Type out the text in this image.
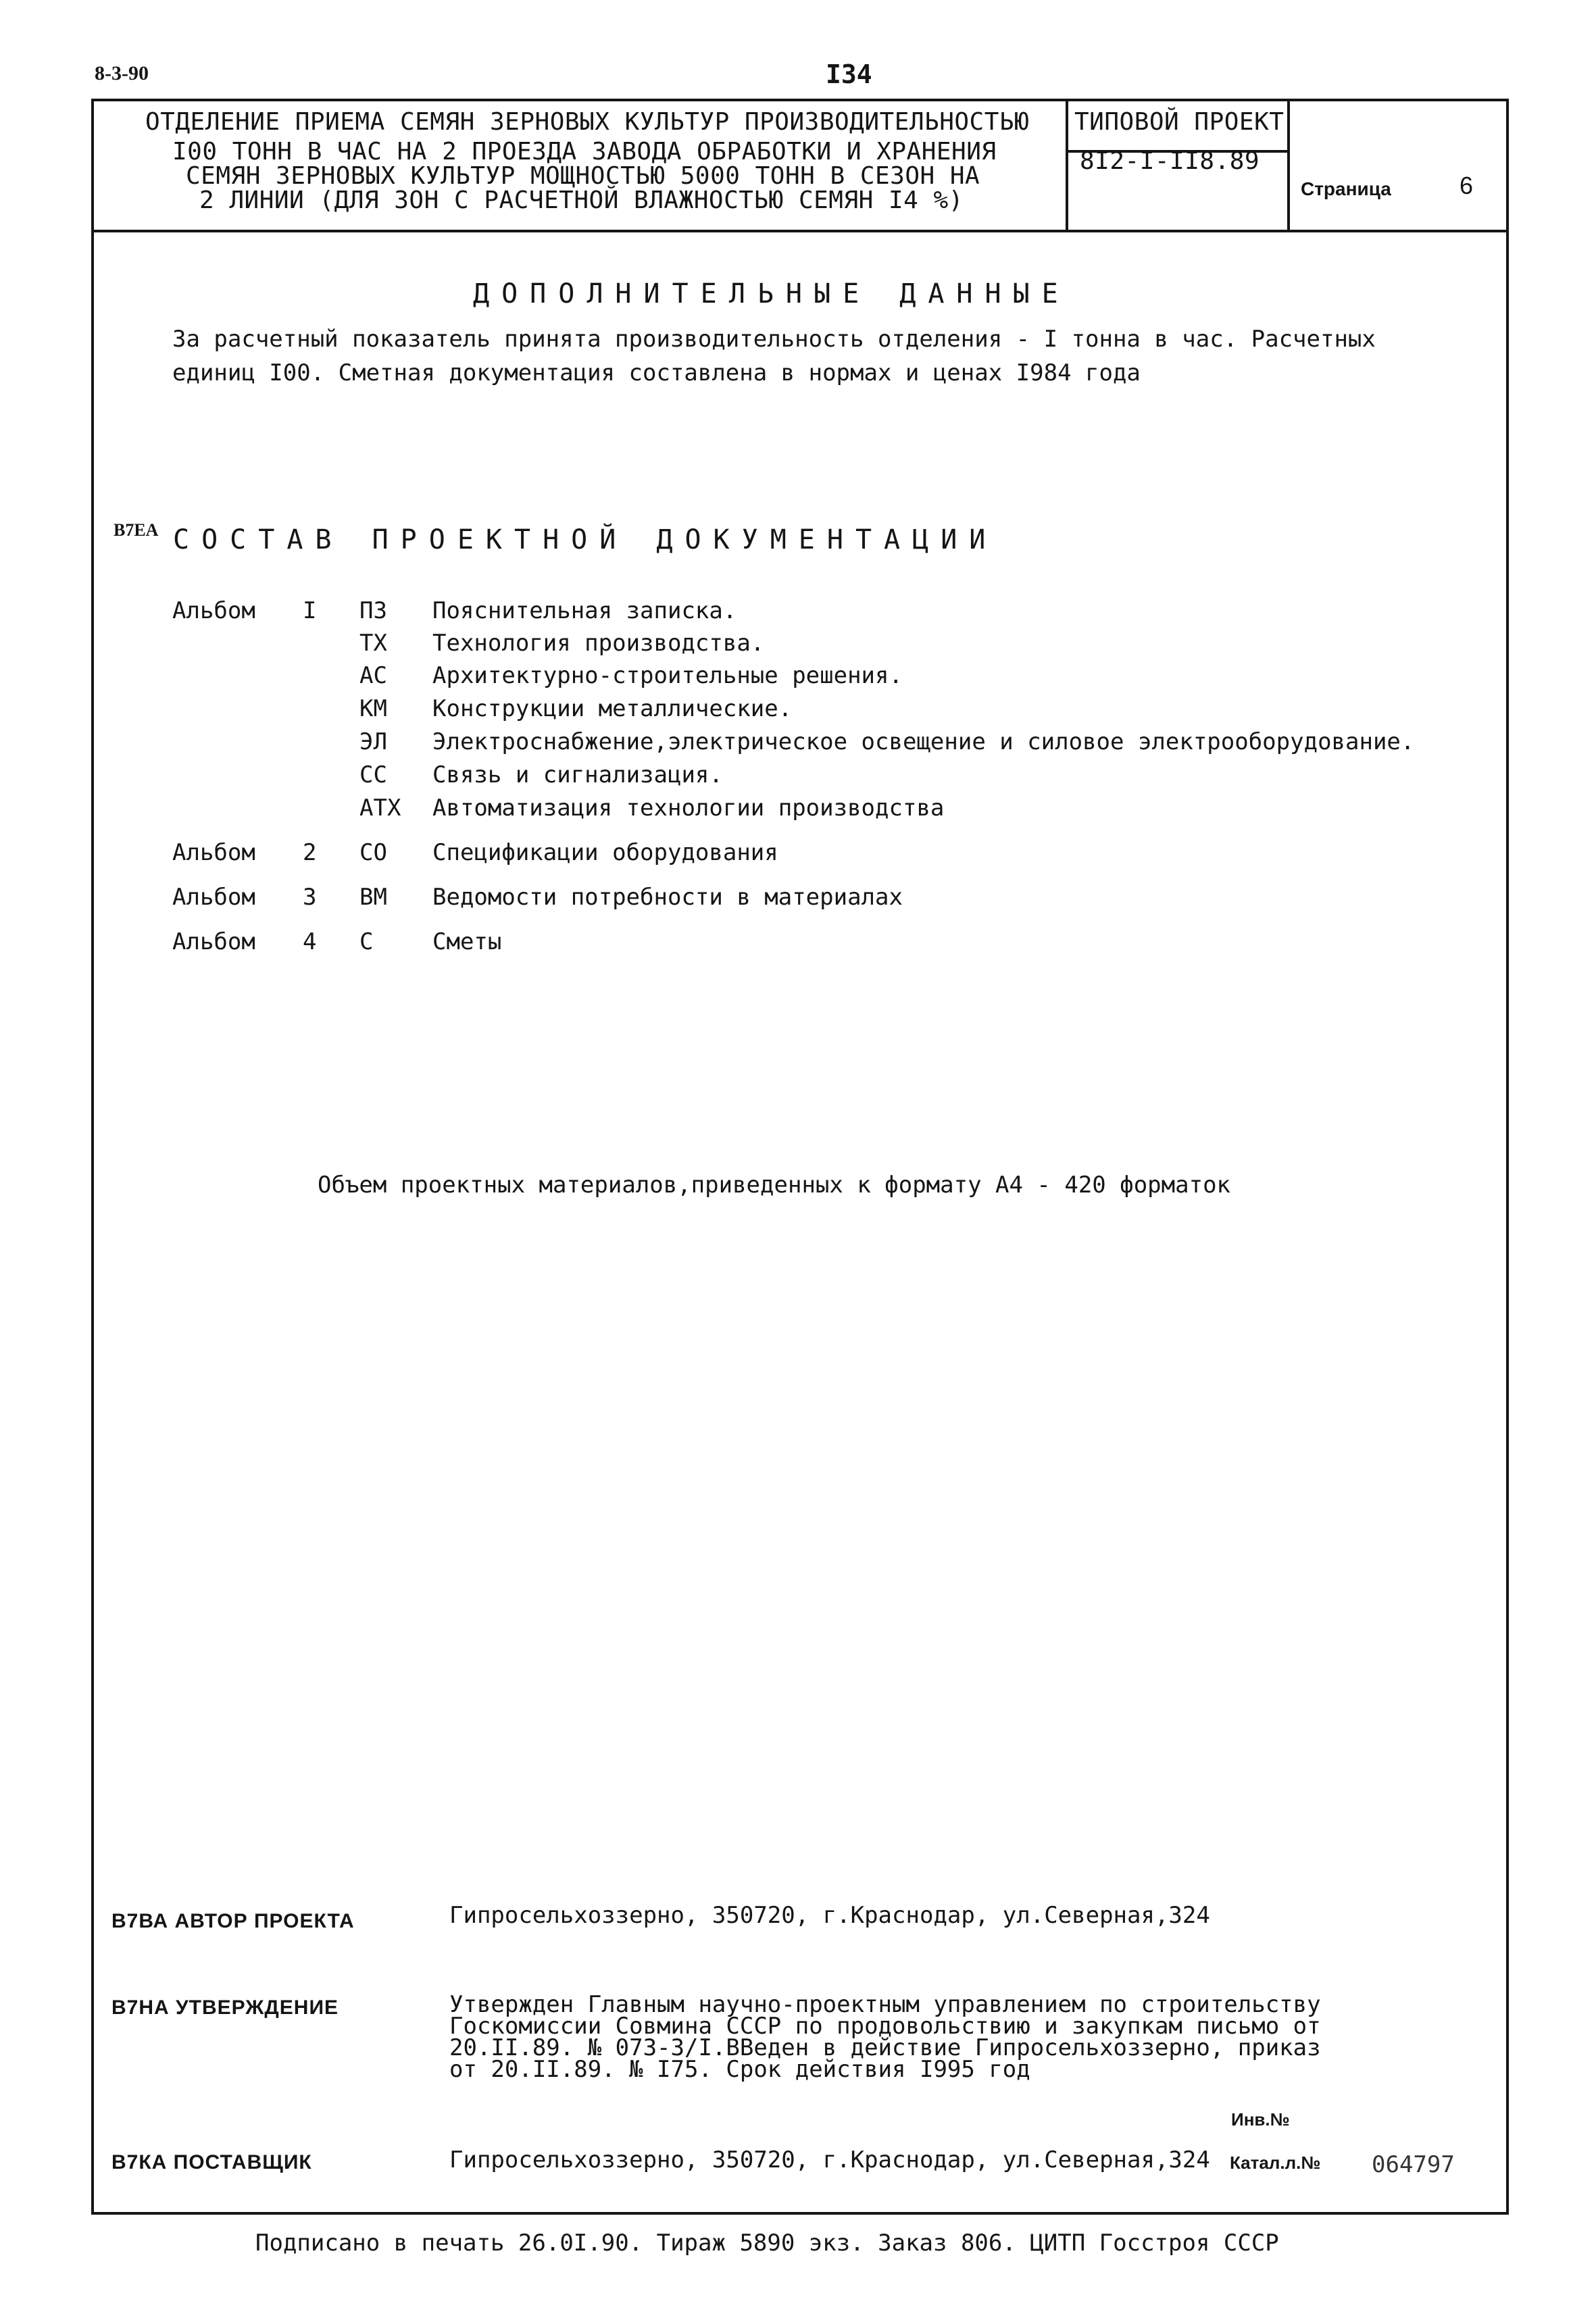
8-3-90	I34
ОТДЕЛЕНИЕ ПРИЕМА СЕМЯН ЗЕРНОВЫХ КУЛЬТУР ПРОИЗВОДИТЕЛЬНОСТЬЮ
I00 ТОНН В ЧАС НА 2 ПРОЕЗДА ЗАВОДА ОБРАБОТКИ И ХРАНЕНИЯ
СЕМЯН ЗЕРНОВЫХ КУЛЬТУР МОЩНОСТЬЮ 5000 ТОНН В СЕЗОН НА
2 ЛИНИИ (ДЛЯ ЗОН С РАСЧЕТНОЙ ВЛАЖНОСТЬЮ СЕМЯН I4 %)
ТИПОВОЙ ПРОЕКТ
8I2-I-II8.89
Страница	6
ДОПОЛНИТЕЛЬНЫЕ ДАННЫЕ
За расчетный показатель принята производительность отделения - I тонна в час. Расчетных
единиц I00. Сметная документация составлена в нормах и ценах I984 года
В7ЕА СОСТАВ ПРОЕКТНОЙ ДОКУМЕНТАЦИИ
Альбом I ПЗ Пояснительная записка.
ТХ Технология производства.
АС Архитектурно-строительные решения.
КМ Конструкции металлические.
ЭЛ Электроснабжение,электрическое освещение и силовое электрооборудование.
СС Связь и сигнализация.
АТХ Автоматизация технологии производства
Альбом 2 СО Спецификации оборудования
Альбом 3 ВМ Ведомости потребности в материалах
Альбом 4 С	Сметы
Объем проектных материалов,приведенных к формату А4 - 420 форматок
В7ВА АВТОР ПРОЕКТА	Гипросельхоззерно, 350720, г.Краснодар, ул.Северная,324
В7НА УТВЕРЖДЕНИЕ	Утвержден Главным научно-проектным управлением по строительству
Госкомиссии Совмина СССР по продовольствию и закупкам письмо от
20.II.89. № 073-3/I.ВВеден в действие Гипросельхоззерно, приказ
от 20.II.89. № I75. Срок действия I995 год
Инв.№
В7КА ПОСТАВЩИК	Гипросельхоззерно, 350720, г.Краснодар, ул.Северная,324 Катал.л.№ 064797
Подписано в печать 26.0I.90. Тираж 5890 экз. Заказ 806. ЦИТП Госстроя СССР
